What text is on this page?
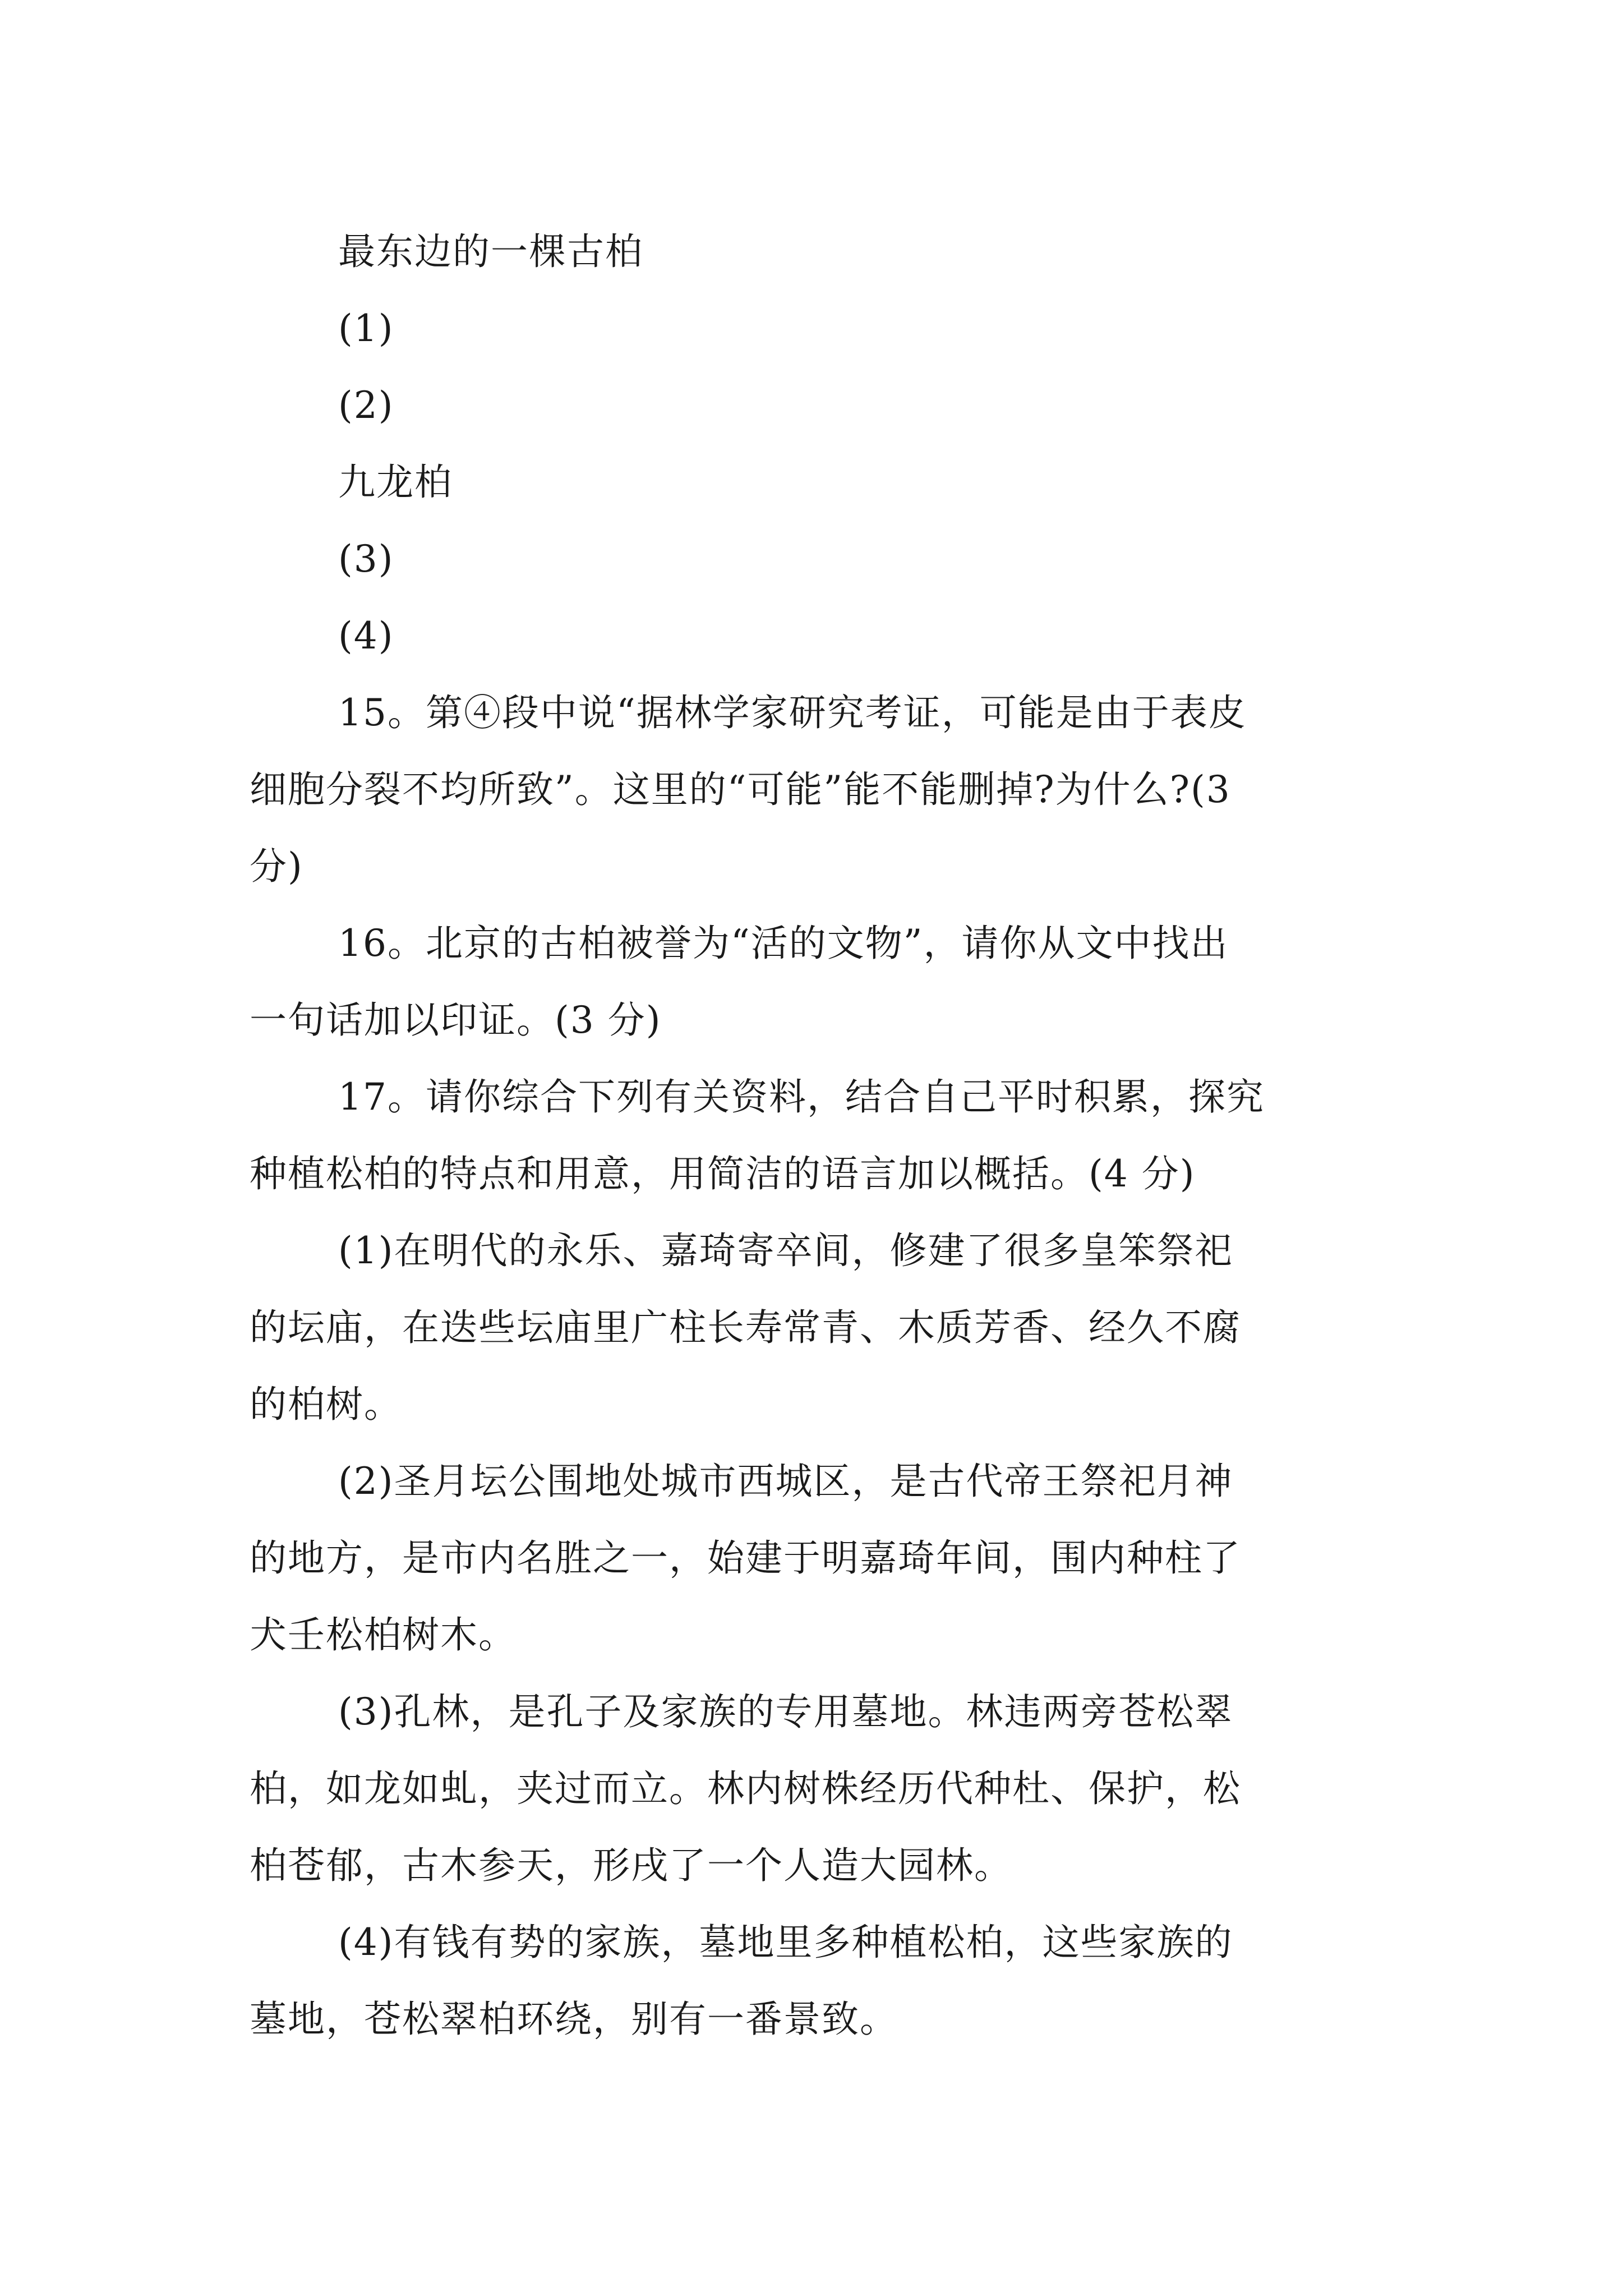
最东边的一棵古柏

(1)

(2)

九龙柏

(3)

(4)

15。第④段中说“据林学家研究考证，可能是由于表皮

细胞分裂不均所致”。这里的“可能”能不能删掉?为什么?(3

分)

16。北京的古柏被誉为“活的文物”，请你从文中找出

一句话加以印证。(3 分)

17。请你综合下列有关资料，结合自己平时积累，探究

种植松柏的特点和用意，用简洁的语言加以概括。(4 分)

(1)在明代的永乐、嘉琦寄卒间，修建了很多皇笨祭祀

的坛庙，在迭些坛庙里广柱长寿常青、木质芳香、经久不腐

的柏树。

(2)圣月坛公围地处城市西城区，是古代帝王祭祀月神

的地方，是市内名胜之一，始建于明嘉琦年间，围内种柱了

犬壬松柏树木。

(3)孔林，是孔子及家族的专用墓地。林违两旁苍松翠

柏，如龙如虬，夹过而立。林内树株经历代种杜、保护，松

柏苍郁，古木参天，形戌了一个人造大园林。

(4)有钱有势的家族，墓地里多种植松柏，这些家族的

墓地，苍松翠柏环绕，别有一番景致。
